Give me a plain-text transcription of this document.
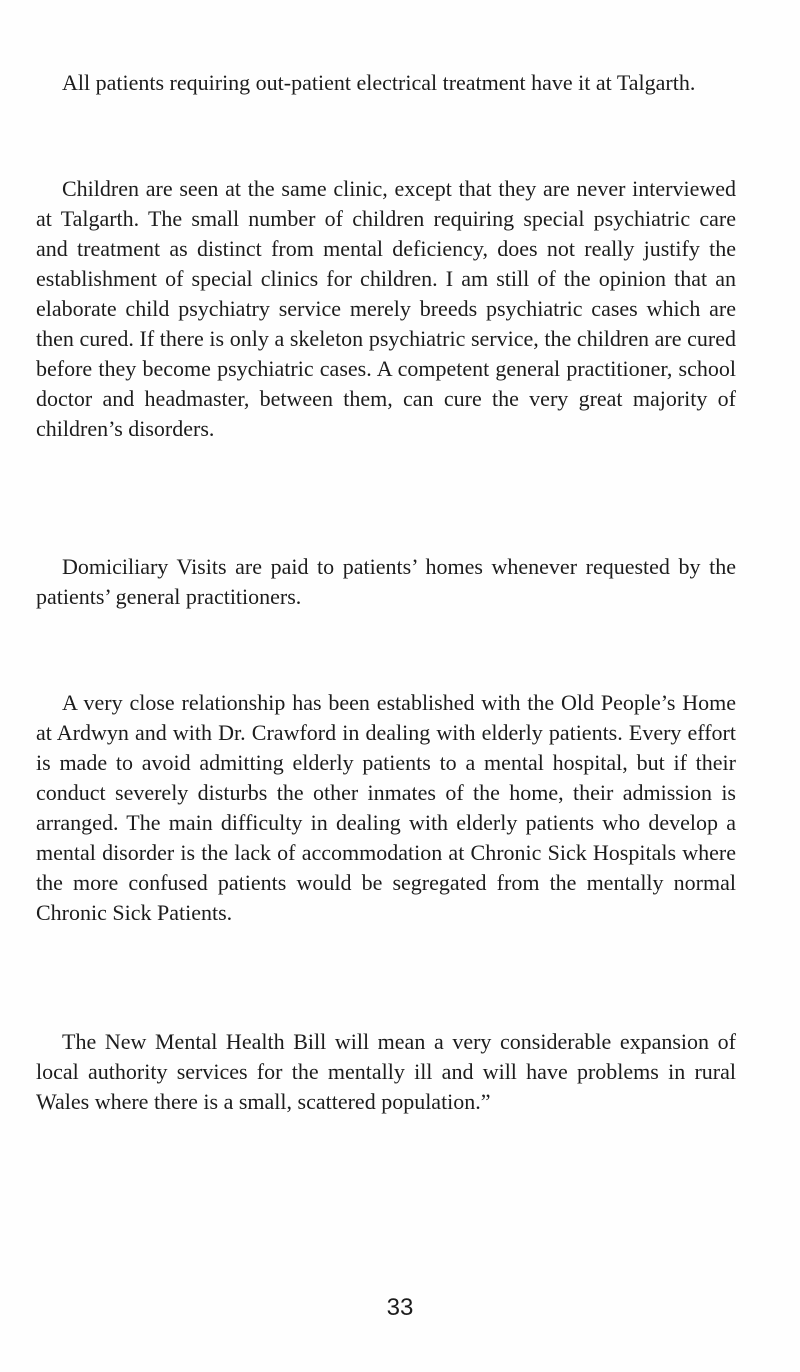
All patients requiring out-patient electrical treatment have it at Talgarth.

Children are seen at the same clinic, except that they are never interviewed at Talgarth. The small number of children requiring special psychiatric care and treatment as distinct from mental deficiency, does not really justify the establishment of special clinics for children. I am still of the opinion that an elaborate child psychiatry service merely breeds psychiatric cases which are then cured. If there is only a skeleton psychiatric service, the children are cured before they become psychiatric cases. A competent general practitioner, school doctor and headmaster, between them, can cure the very great majority of children’s disorders.

Domiciliary Visits are paid to patients’ homes whenever requested by the patients’ general practitioners.

A very close relationship has been established with the Old People’s Home at Ardwyn and with Dr. Crawford in dealing with elderly patients. Every effort is made to avoid admitting elderly patients to a mental hospital, but if their conduct severely disturbs the other inmates of the home, their admission is arranged. The main difficulty in dealing with elderly patients who develop a mental disorder is the lack of accommodation at Chronic Sick Hospitals where the more confused patients would be segregated from the mentally normal Chronic Sick Patients.

The New Mental Health Bill will mean a very considerable expansion of local authority services for the mentally ill and will have problems in rural Wales where there is a small, scattered population.”

33
